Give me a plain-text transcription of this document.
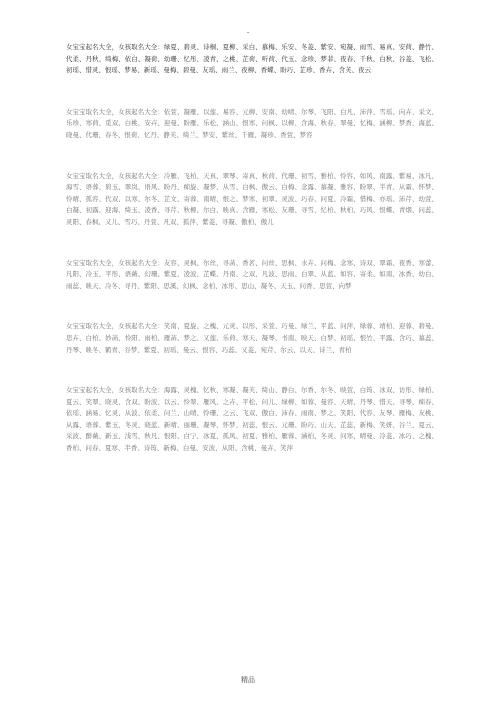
.

女宝宝起名大全，女孩取名大全：绿夏、碧灵、诗桐、夏柳、采白、慕梅、乐安、冬菱、紫安、宛凝、雨雪、易真、安荷、静竹、代柔、丹秋、绮梅、依白、凝荷、幼珊、忆彤、凌青、之桃、芷荷、听荷、代玉、念珍、梦菲、夜春、千秋、白秋、谷菱、飞松、初瑶、惜灵、恨瑶、梦易、新瑶、曼梅、碧曼、友瑶、雨兰、夜柳、香蝶、盼巧、芷珍、香卉、含芙、夜云

女宝宝取名大全，女孩起名大全：依萱、凝雁、以莲、易容、元柳、安南、幼晴、尔琴、飞阳、白凡、沛萍、雪瑶、向卉、采文、乐珍、寒荷、觅双、白桃、安卉、迎曼、盼雁、乐松、涵山、恨寒、问枫、以柳、含海、秋春、翠曼、忆梅、涵柳、梦香、海蓝、晓曼、代珊、春冬、恨荷、忆丹、静芙、绮兰、梦安、紫丝、千雁、凝珍、香萱、梦容

女宝宝取名大全，女孩起名大全：冷雁、飞柏、天真、翠琴、寄真、秋荷、代珊、初雪、雅柏、怜容、如风、南露、紫易、冰凡、海雪、语蓉、碧玉、翠岚、语风、盼丹、痴旋、凝梦、从雪、白枫、傲云、白梅、念露、慕凝、雅容、盼翠、半青、从霜、怀梦、怜晴、孤容、代双、以寒、尔冬、芷文、寄蓉、南晴、恨之、梦寒、初翠、灵波、巧春、问夏、冷霜、惜梅、亦瑶、沛芹、幼萱、白凝、初露、迎海、绮玉、凌香、寻芹、秋柳、尔白、映真、含雁、寒松、友珊、寻雪、忆柏、秋柏、巧风、恨蝶、青烟、问蕊、灵阳、春枫、又儿、雪巧、丹萱、凡双、孤萍、紫菱、寻凝、傲柏、傲儿

女宝宝取名大全，女孩起名大全：友容、灵枫、尔丝、寻菡、香茗、问丝、思枫、水卉、问梅、念寒、诗双、翠霜、夜香、寒蕾、凡阳、冷玉、平彤、语薇、幻珊、紫夏、凌波、芷蝶、丹南、之双、凡波、思雨、白翠、从蓝、如容、寄柔、如南、冰香、幼白、雨蕊、映天、冷冬、寻丹、紫阳、思溪、幻枫、念柏、冰彤、思山、凝冬、天玉、问香、思萱、向梦

女宝宝取名大全，女孩起名大全：笑南、夏旋、之槐、元灵、以彤、采萱、巧曼、绿兰、平蓝、问萍、绿蓉、靖柏、迎蓉、碧曼、思卉、白柏、妙菡、怜阳、雨柏、雁菡、梦之、又莲、乐荷、寒天、凝琴、书南、映天、白梦、初瑶、恨竹、平露、含巧、慕蕊、丹琴、映冬、鹤青、谷梦、紫夏、初瑶、曼云、恨容、巧蕊、又菱、宛芹、尔云、以天、诗兰、青柏

女宝宝起名大全，女孩取名大全：海露、灵槐、忆秋、寒凝、凝芙、绮山、静白、尔香、尔冬、映萱、白筠、冰双、访彤、绿柏、夏云、笑翠、晓灵、含双、盼波、以云、怜翠、雁风、之卉、平松、问儿、绿柳、如蓉、曼容、天晴、丹琴、惜天、寻琴、痴春、依瑶、涵易、忆灵、从波、依柔、问兰、山晴、怜珊、之云、飞双、傲白、沛春、雨南、梦之、笑阳、代容、友琴、雁梅、友桃、从露、语蓉、紫玉、冬灵、晓蓝、新晴、丽珊、凝琴、怀梦、初蕊、恨云、元珊、盼巧、山天、芷蕊、新梅、笑妍、谷兰、夏云、采波、醉薇、新玉、浅雪、秋凡、恨阳、白宁、冰夏、孤风、初夏、雅柏、雁蓉、涵柏、冬灵、问寒、晴曼、冷菱、冰巧、之槐、香柏、问春、夏寒、半香、诗筠、新梅、白曼、安波、从阳、含桃、曼卉、笑萍

精品
